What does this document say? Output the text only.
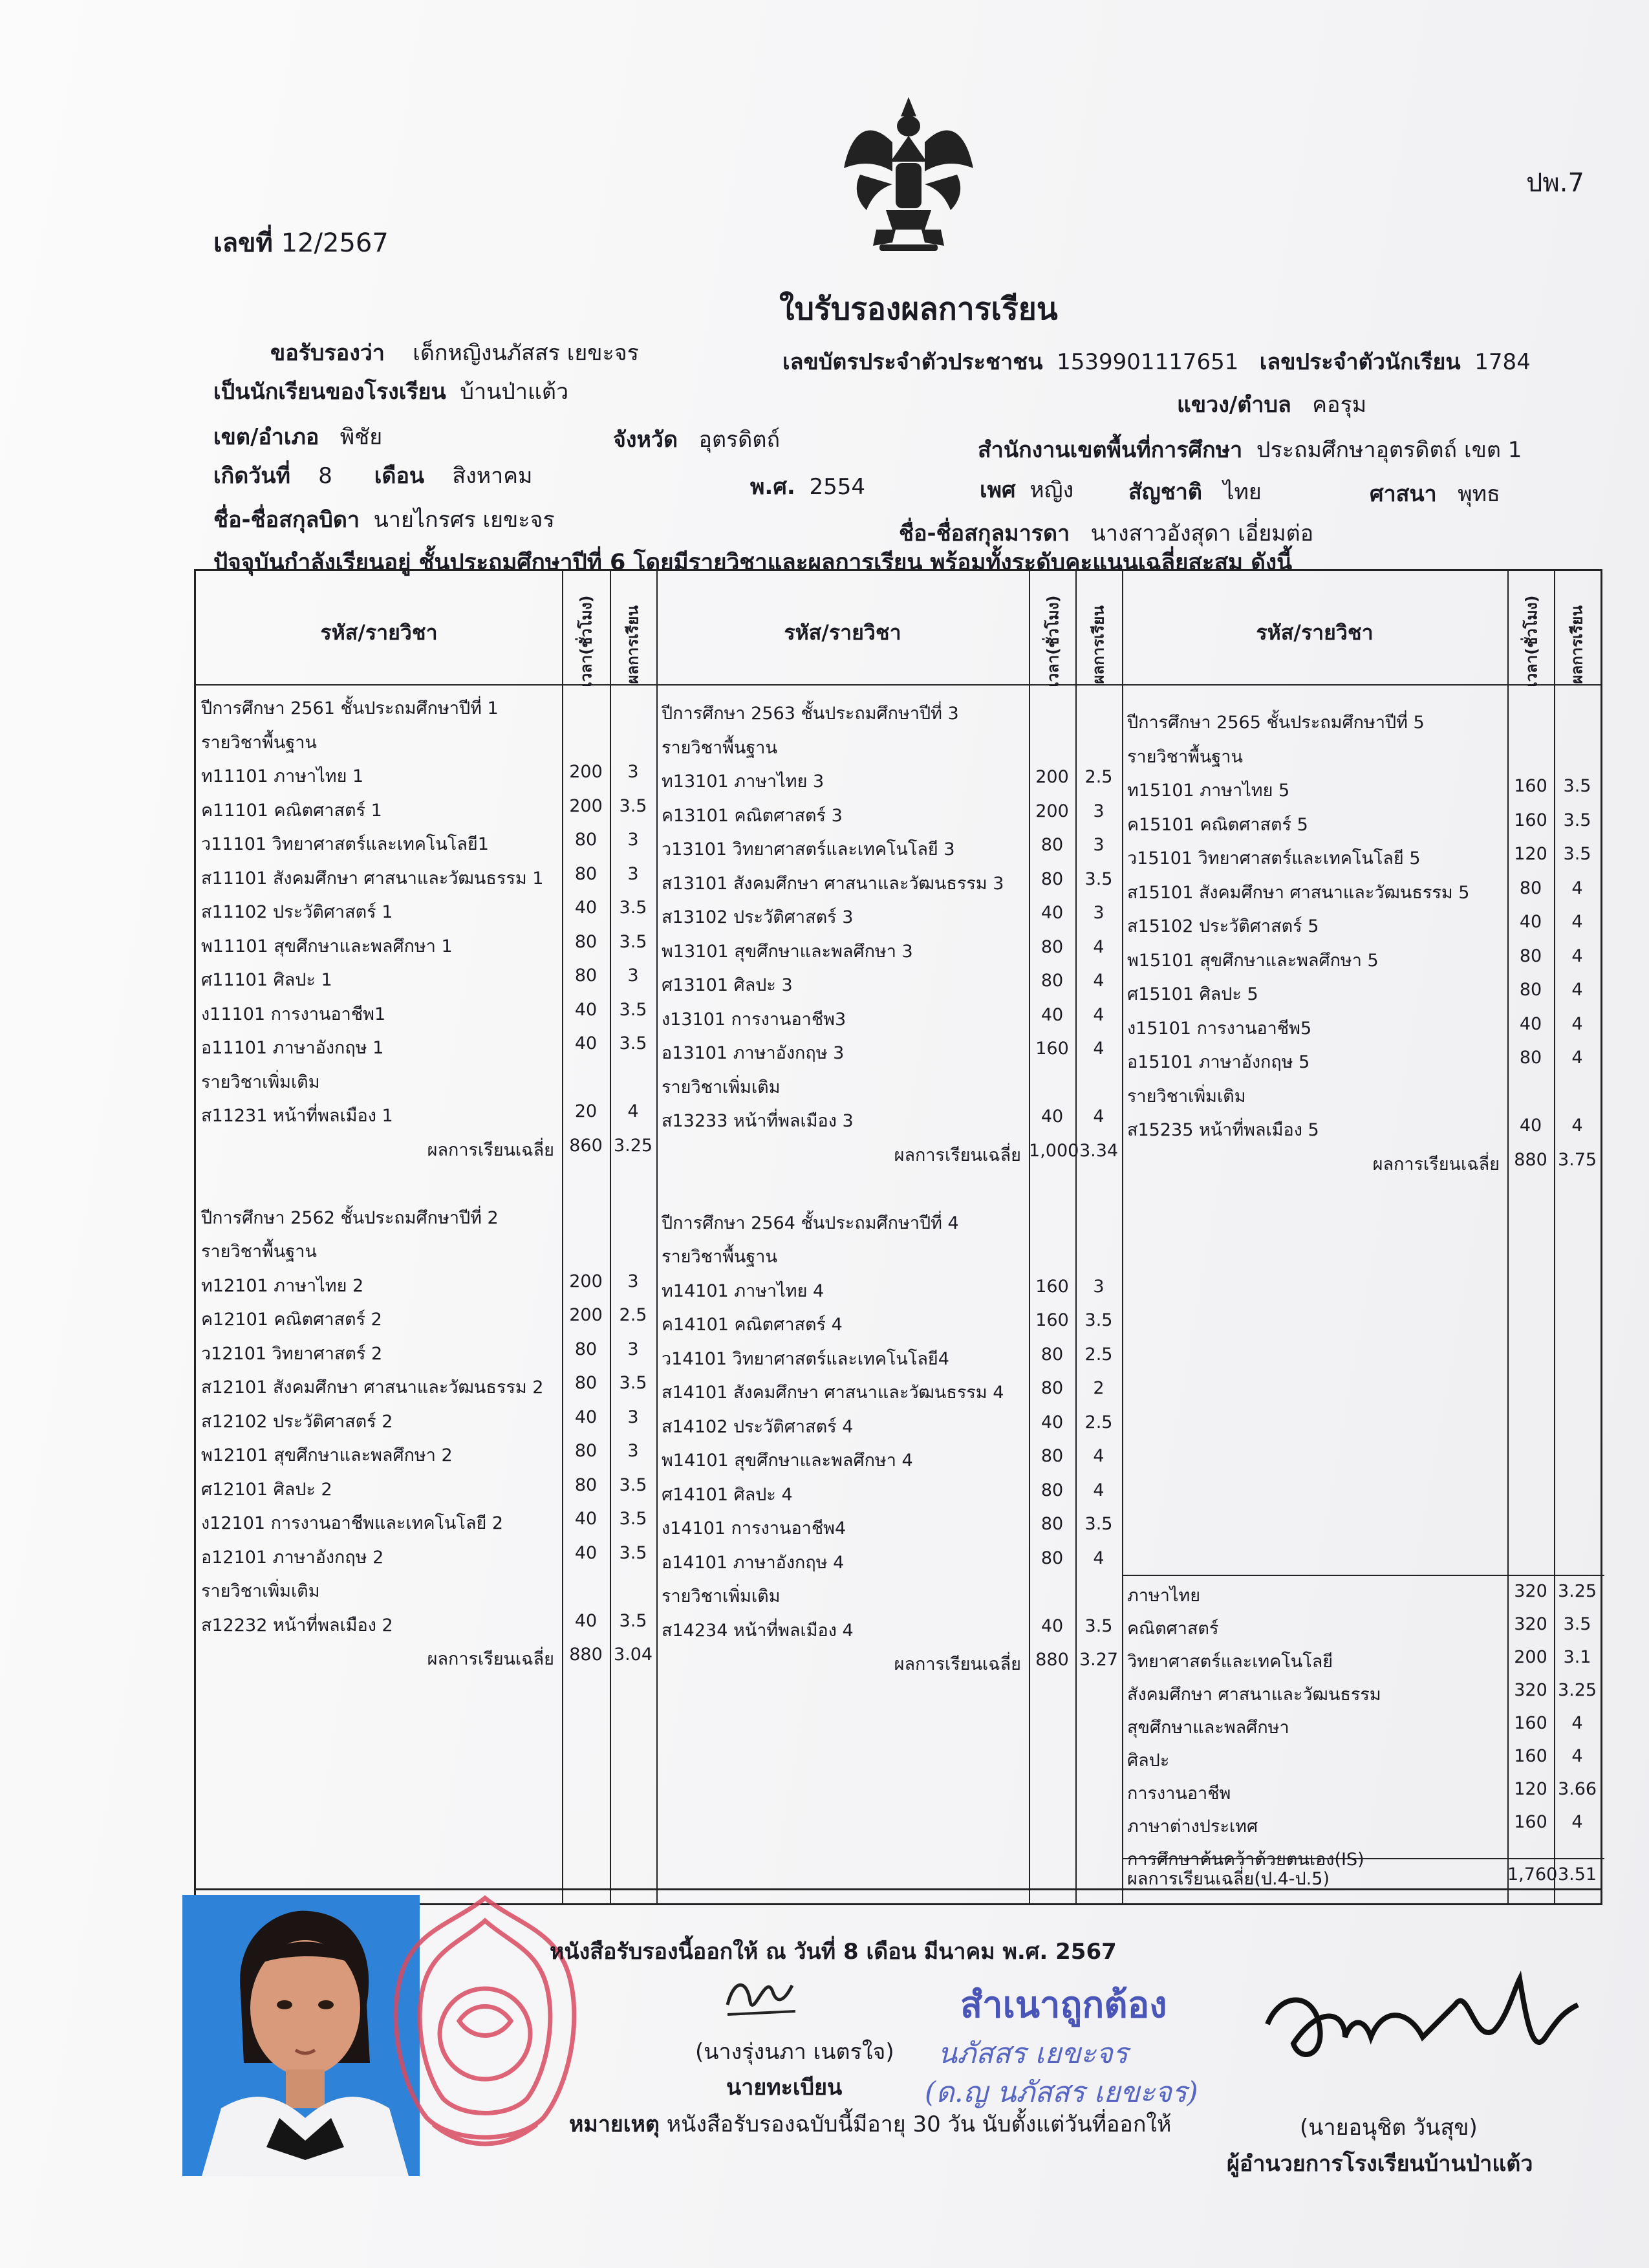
ปพ.7
เลขที่ 12/2567
ใบรับรองผลการเรียน
ขอรับรองว่า เด็กหญิงนภัสสร เยขะจร	เลขบัตรประจำตัวประชาชน 1539901117651 เลขประจำตัวนักเรียน 1784
เป็นนักเรียนของโรงเรียน บ้านป่าแต้ว	แขวง/ตำบล คอรุม
เขต/อำเภอ พิชัย	จังหวัด อุตรดิตถ์	สำนักงานเขตพื้นที่การศึกษา ประถมศึกษาอุตรดิตถ์ เขต 1
เกิดวันที่ 8 เดือน สิงหาคม	พ.ศ. 2554	เพศ หญิง สัญชาติ ไทย	ศาสนา พุทธ
ชื่อ-ชื่อสกุลบิดา นายไกรศร เยขะจร
ชื่อ-ชื่อสกุลมารดา นางสาวอังสุดา เอี่ยมต่อ
ปัจจุบันกำลังเรียนอยู่ ชั้นประถมศึกษาปีที่ 6 โดยมีรายวิชาและผลการเรียน พร้อมทั้งระดับคะแนนเฉลี่ยสะสม ดังนี้
รหัส/รายวิชา	รหัส/รายวิชา	รหัส/รายวิชา
เวลา(ชั่วโมง) ผลการเรียน	เวลา(ชั่วโมง) ผลการเรียน	เวลา(ชั่วโมง) ผลการเรียน
ปีการศึกษา 2561 ชั้นประถมศึกษาปีที่ 1
รายวิชาพื้นฐาน
ท11101 ภาษาไทย 1	200	3
ค11101 คณิตศาสตร์ 1	200 3.5
ว11101 วิทยาศาสตร์และเทคโนโลยี1	80	3
ส11101 สังคมศึกษา ศาสนาและวัฒนธรรม 1	80	3
ส11102 ประวัติศาสตร์ 1	40	3.5
พ11101 สุขศึกษาและพลศึกษา 1	80	3.5
ศ11101 ศิลปะ 1	80	3
ง11101 การงานอาชีพ1	40	3.5
อ11101 ภาษาอังกฤษ 1	40	3.5
รายวิชาเพิ่มเติม
ส11231 หน้าที่พลเมือง 1	20	4
ผลการเรียนเฉลี่ย 860 3.25
ปีการศึกษา 2562 ชั้นประถมศึกษาปีที่ 2
รายวิชาพื้นฐาน
ท12101 ภาษาไทย 2	200	3
ค12101 คณิตศาสตร์ 2	200 2.5
ว12101 วิทยาศาสตร์ 2	80	3
ส12101 สังคมศึกษา ศาสนาและวัฒนธรรม 2	80	3.5
ส12102 ประวัติศาสตร์ 2	40	3
พ12101 สุขศึกษาและพลศึกษา 2	80	3
ศ12101 ศิลปะ 2	80	3.5
ง12101 การงานอาชีพและเทคโนโลยี 2	40	3.5
อ12101 ภาษาอังกฤษ 2	40	3.5
รายวิชาเพิ่มเติม
ส12232 หน้าที่พลเมือง 2	40	3.5
ผลการเรียนเฉลี่ย 880 3.04
ปีการศึกษา 2563 ชั้นประถมศึกษาปีที่ 3
รายวิชาพื้นฐาน
ท13101 ภาษาไทย 3	200 2.5
ค13101 คณิตศาสตร์ 3	200	3
ว13101 วิทยาศาสตร์และเทคโนโลยี 3	80	3
ส13101 สังคมศึกษา ศาสนาและวัฒนธรรม 3	80	3.5
ส13102 ประวัติศาสตร์ 3	40	3
พ13101 สุขศึกษาและพลศึกษา 3	80	4
ศ13101 ศิลปะ 3	80	4
ง13101 การงานอาชีพ3	40	4
อ13101 ภาษาอังกฤษ 3	160	4
รายวิชาเพิ่มเติม
ส13233 หน้าที่พลเมือง 3	40	4
ผลการเรียนเฉลี่ย 1,000 3.34
ปีการศึกษา 2564 ชั้นประถมศึกษาปีที่ 4
รายวิชาพื้นฐาน
ท14101 ภาษาไทย 4	160	3
ค14101 คณิตศาสตร์ 4	160 3.5
ว14101 วิทยาศาสตร์และเทคโนโลยี4	80	2.5
ส14101 สังคมศึกษา ศาสนาและวัฒนธรรม 4	80	2
ส14102 ประวัติศาสตร์ 4	40	2.5
พ14101 สุขศึกษาและพลศึกษา 4	80	4
ศ14101 ศิลปะ 4	80	4
ง14101 การงานอาชีพ4	80	3.5
อ14101 ภาษาอังกฤษ 4	80	4
รายวิชาเพิ่มเติม
ส14234 หน้าที่พลเมือง 4	40	3.5
ผลการเรียนเฉลี่ย 880 3.27
ปีการศึกษา 2565 ชั้นประถมศึกษาปีที่ 5
รายวิชาพื้นฐาน
ท15101 ภาษาไทย 5	160 3.5
ค15101 คณิตศาสตร์ 5	160 3.5
ว15101 วิทยาศาสตร์และเทคโนโลยี 5	120 3.5
ส15101 สังคมศึกษา ศาสนาและวัฒนธรรม 5	80	4
ส15102 ประวัติศาสตร์ 5	40	4
พ15101 สุขศึกษาและพลศึกษา 5	80	4
ศ15101 ศิลปะ 5	80	4
ง15101 การงานอาชีพ5	40	4
อ15101 ภาษาอังกฤษ 5	80	4
รายวิชาเพิ่มเติม
ส15235 หน้าที่พลเมือง 5	40	4
ผลการเรียนเฉลี่ย 880 3.75
ภาษาไทย	320 3.25
คณิตศาสตร์	320 3.5
วิทยาศาสตร์และเทคโนโลยี	200 3.1
สังคมศึกษา ศาสนาและวัฒนธรรม	320 3.25
สุขศึกษาและพลศึกษา	160	4
ศิลปะ	160	4
การงานอาชีพ	120 3.66
ภาษาต่างประเทศ	160	4
การศึกษาค้นคว้าด้วยตนเอง(IS)
ผลการเรียนเฉลี่ย(ป.4-ป.5)	1,760 3.51
หนังสือรับรองนี้ออกให้ ณ วันที่ 8 เดือน มีนาคม พ.ศ. 2567
(นางรุ่งนภา เนตรใจ)
นายทะเบียน
หมายเหตุ หนังสือรับรองฉบับนี้มีอายุ 30 วัน นับตั้งแต่วันที่ออกให้
สำเนาถูกต้อง
นภัสสร เยขะจร
(ด.ญ นภัสสร เยขะจร)
(นายอนุชิต วันสุข)
ผู้อำนวยการโรงเรียนบ้านป่าแต้ว
